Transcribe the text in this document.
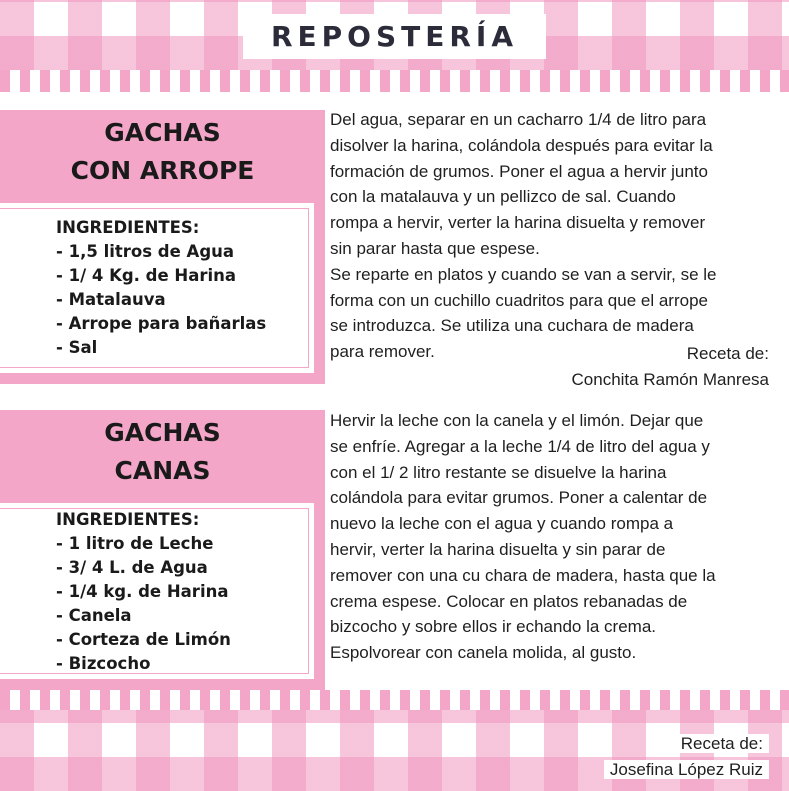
REPOSTERÍA
GACHAS
CON ARROPE
INGREDIENTES:
- 1,5 litros de Agua
- 1/ 4 Kg. de Harina
- Matalauva
- Arrope para bañarlas
- Sal
Del agua, separar en un cacharro 1/4 de litro para
disolver la harina, colándola después para evitar la
formación de grumos. Poner el agua a hervir junto
con la matalauva y un pellizco de sal. Cuando
rompa a hervir, verter la harina disuelta y remover
sin parar hasta que espese.
Se reparte en platos y cuando se van a servir, se le
forma con un cuchillo cuadritos para que el arrope
se introduzca. Se utiliza una cuchara de madera
para remover.	Receta de:
Conchita Ramón Manresa
GACHAS
CANAS
INGREDIENTES:
- 1 litro de Leche
- 3/ 4 L. de Agua
- 1/4 kg. de Harina
- Canela
- Corteza de Limón
- Bizcocho
Hervir la leche con la canela y el limón. Dejar que
se enfríe. Agregar a la leche 1/4 de litro del agua y
con el 1/ 2 litro restante se disuelve la harina
colándola para evitar grumos. Poner a calentar de
nuevo la leche con el agua y cuando rompa a
hervir, verter la harina disuelta y sin parar de
remover con una cu chara de madera, hasta que la
crema espese. Colocar en platos rebanadas de
bizcocho y sobre ellos ir echando la crema.
Espolvorear con canela molida, al gusto.
Receta de:
Josefina López Ruiz
